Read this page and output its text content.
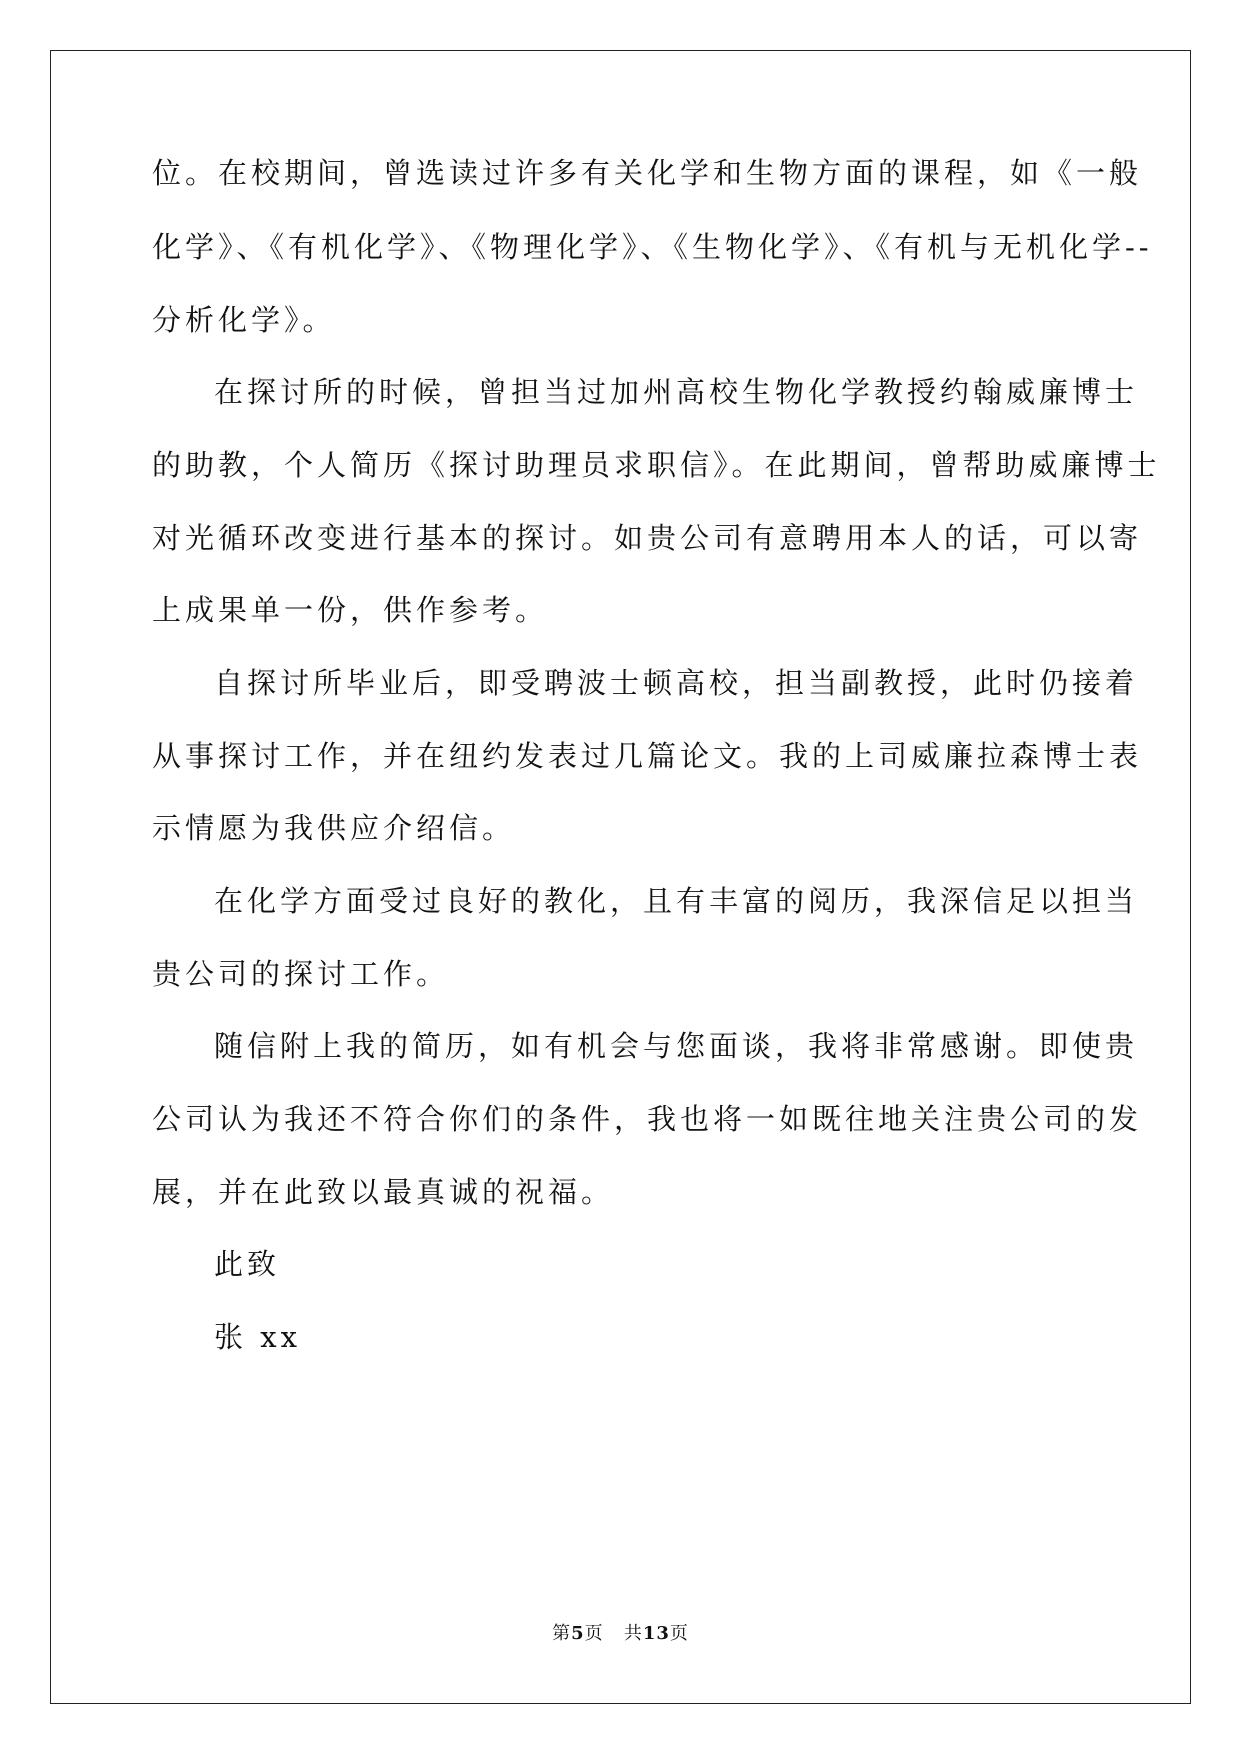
位。在校期间，曾选读过许多有关化学和生物方面的课程，如《一般
化学》、《有机化学》、《物理化学》、《生物化学》、《有机与无机化学--
分析化学》。
在探讨所的时候，曾担当过加州高校生物化学教授约翰威廉博士
的助教，个人简历《探讨助理员求职信》。在此期间，曾帮助威廉博士
对光循环改变进行基本的探讨。如贵公司有意聘用本人的话，可以寄
上成果单一份，供作参考。
自探讨所毕业后，即受聘波士顿高校，担当副教授，此时仍接着
从事探讨工作，并在纽约发表过几篇论文。我的上司威廉拉森博士表
示情愿为我供应介绍信。
在化学方面受过良好的教化，且有丰富的阅历，我深信足以担当
贵公司的探讨工作。
随信附上我的简历，如有机会与您面谈，我将非常感谢。即使贵
公司认为我还不符合你们的条件，我也将一如既往地关注贵公司的发
展，并在此致以最真诚的祝福。
此致
张 xx
第5页 共13页
